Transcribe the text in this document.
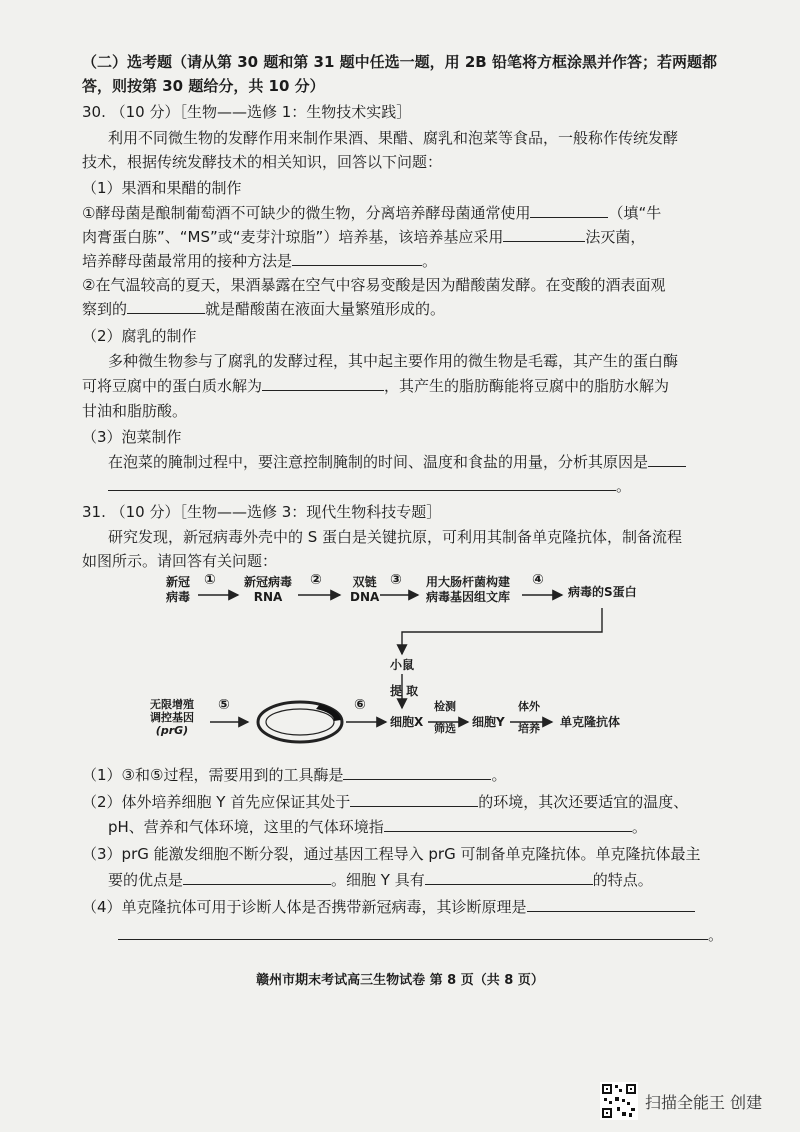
（二）选考题（请从第 30 题和第 31 题中任选一题，用 2B 铅笔将方框涂黑并作答；若两题都
答，则按第 30 题给分，共 10 分）
30. （10 分）［生物——选修 1：生物技术实践］
利用不同微生物的发酵作用来制作果酒、果醋、腐乳和泡菜等食品，一般称作传统发酵
技术，根据传统发酵技术的相关知识，回答以下问题：
（1）果酒和果醋的制作
①酵母菌是酿制葡萄酒不可缺少的微生物，分离培养酵母菌通常使用	（填“牛
肉膏蛋白胨”、“MS”或“麦芽汁琼脂”）培养基，该培养基应采用	法灭菌，
培养酵母菌最常用的接种方法是	。
②在气温较高的夏天，果酒暴露在空气中容易变酸是因为醋酸菌发酵。在变酸的酒表面观
察到的	就是醋酸菌在液面大量繁殖形成的。
（2）腐乳的制作
多种微生物参与了腐乳的发酵过程，其中起主要作用的微生物是毛霉，其产生的蛋白酶
可将豆腐中的蛋白质水解为	，其产生的脂肪酶能将豆腐中的脂肪水解为
甘油和脂肪酸。
（3）泡菜制作
在泡菜的腌制过程中，要注意控制腌制的时间、温度和食盐的用量，分析其原因是
。
31. （10 分）［生物——选修 3：现代生物科技专题］
研究发现，新冠病毒外壳中的 S 蛋白是关键抗原，可利用其制备单克隆抗体，制备流程
如图所示。请回答有关问题：
新冠
病毒
① 新冠病毒
RNA
②	双链
DNA
③ 用大肠杆菌构建
病毒基因组文库
④
病毒的S蛋白
小鼠
提 取
无限增殖
调控基因
(prG)
⑤	⑥
细胞X
检测
筛选 细胞Y
体外
培养 单克隆抗体
（1）③和⑤过程，需要用到的工具酶是	。
（2）体外培养细胞 Y 首先应保证其处于	的环境，其次还要适宜的温度、
pH、营养和气体环境，这里的气体环境指	。
（3）prG 能激发细胞不断分裂，通过基因工程导入 prG 可制备单克隆抗体。单克隆抗体最主
要的优点是	。细胞 Y 具有	的特点。
（4）单克隆抗体可用于诊断人体是否携带新冠病毒，其诊断原理是
。
赣州市期末考试高三生物试卷 第 8 页（共 8 页）
扫描全能王 创建
